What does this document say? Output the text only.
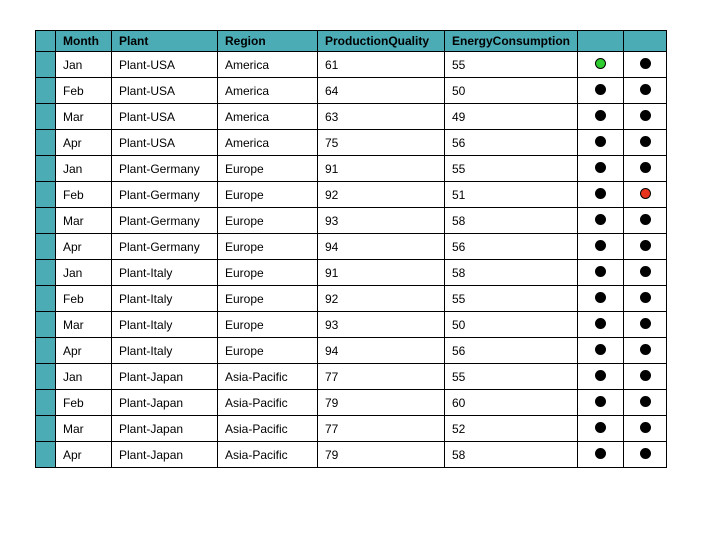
	Month	Plant	Region	ProductionQuality	EnergyConsumption		
	Jan	Plant-USA	America	61	55		
	Feb	Plant-USA	America	64	50		
	Mar	Plant-USA	America	63	49		
	Apr	Plant-USA	America	75	56		
	Jan	Plant-Germany	Europe	91	55		
	Feb	Plant-Germany	Europe	92	51		
	Mar	Plant-Germany	Europe	93	58		
	Apr	Plant-Germany	Europe	94	56		
	Jan	Plant-Italy	Europe	91	58		
	Feb	Plant-Italy	Europe	92	55		
	Mar	Plant-Italy	Europe	93	50		
	Apr	Plant-Italy	Europe	94	56		
	Jan	Plant-Japan	Asia-Pacific	77	55		
	Feb	Plant-Japan	Asia-Pacific	79	60		
	Mar	Plant-Japan	Asia-Pacific	77	52		
	Apr	Plant-Japan	Asia-Pacific	79	58		
